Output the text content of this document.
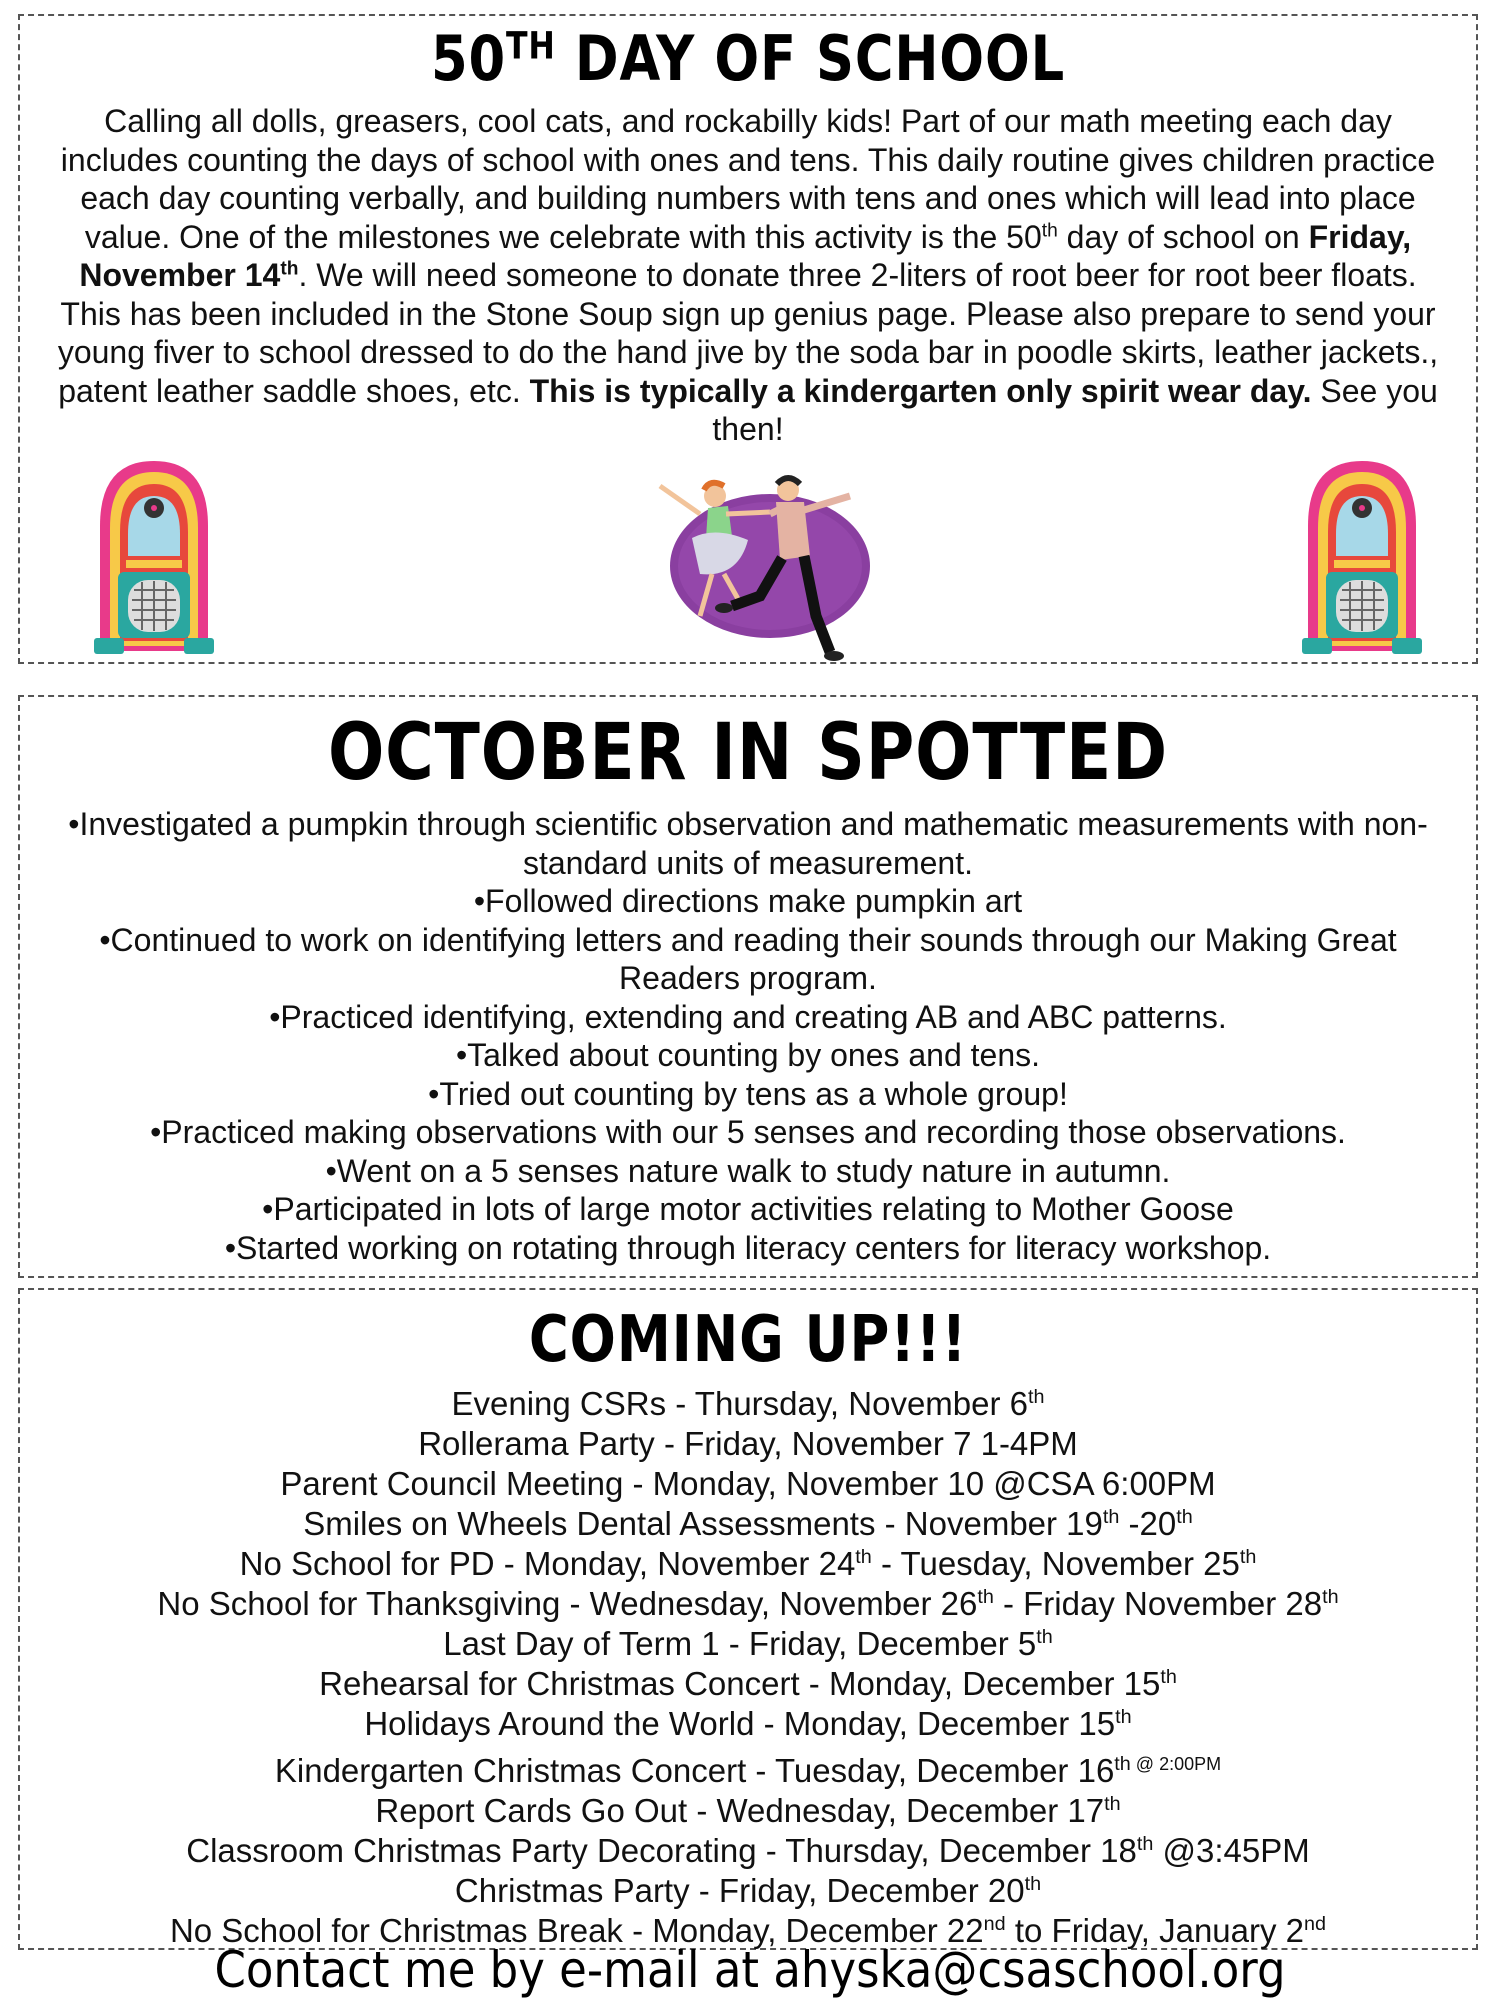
50TH DAY OF SCHOOL

Calling all dolls, greasers, cool cats, and rockabilly kids! Part of our math meeting each day includes counting the days of school with ones and tens. This daily routine gives children practice each day counting verbally, and building numbers with tens and ones which will lead into place value. One of the milestones we celebrate with this activity is the 50th day of school on Friday, November 14th. We will need someone to donate three 2-liters of root beer for root beer floats. This has been included in the Stone Soup sign up genius page. Please also prepare to send your young fiver to school dressed to do the hand jive by the soda bar in poodle skirts, leather jackets., patent leather saddle shoes, etc. This is typically a kindergarten only spirit wear day. See you then!

OCTOBER IN SPOTTED
•Investigated a pumpkin through scientific observation and mathematic measurements with non-standard units of measurement.
•Followed directions make pumpkin art
•Continued to work on identifying letters and reading their sounds through our Making Great Readers program.
•Practiced identifying, extending and creating AB and ABC patterns.
•Talked about counting by ones and tens.
•Tried out counting by tens as a whole group!
•Practiced making observations with our 5 senses and recording those observations.
•Went on a 5 senses nature walk to study nature in autumn.
•Participated in lots of large motor activities relating to Mother Goose
•Started working on rotating through literacy centers for literacy workshop.
COMING UP!!!
Evening CSRs - Thursday, November 6th
Rollerama Party - Friday, November 7 1-4PM
Parent Council Meeting - Monday, November 10 @CSA 6:00PM
Smiles on Wheels Dental Assessments - November 19th -20th
No School for PD - Monday, November 24th - Tuesday, November 25th
No School for Thanksgiving - Wednesday, November 26th - Friday November 28th
Last Day of Term 1 - Friday, December 5th
Rehearsal for Christmas Concert - Monday, December 15th
Holidays Around the World - Monday, December 15th
Kindergarten Christmas Concert - Tuesday, December 16th $^{@ 2:00PM}$
Report Cards Go Out - Wednesday, December 17th
Classroom Christmas Party Decorating - Thursday, December 18th @3:45PM
Christmas Party - Friday, December 20th
No School for Christmas Break - Monday, December 22nd to Friday, January 2nd
Contact me by e-mail at ahyska@csaschool.org
